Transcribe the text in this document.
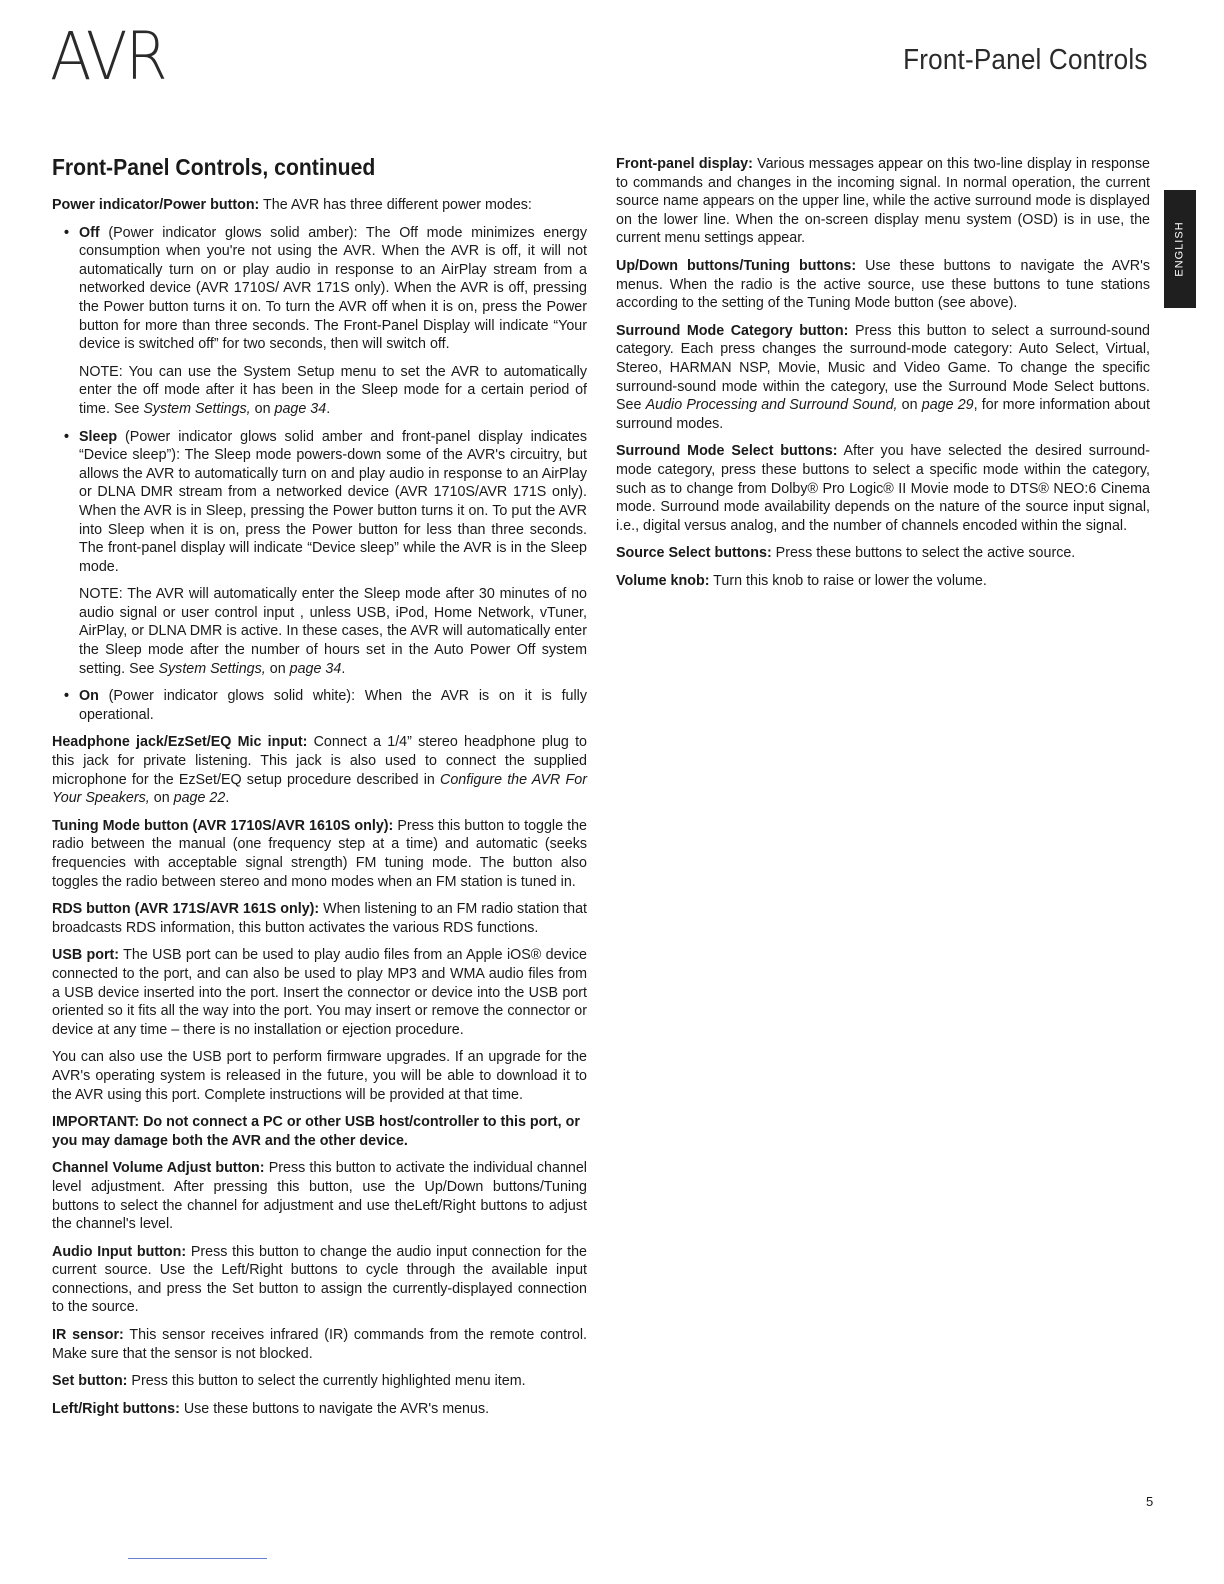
AVR	Front-Panel Controls
ENGLISH
Front-Panel Controls, continued

Power indicator/Power button: The AVR has three different power modes:

• Off (Power indicator glows solid amber): The Off mode minimizes energy consumption when you're not using the AVR. When the AVR is off, it will not automatically turn on or play audio in response to an AirPlay stream from a networked device (AVR 1710S/ AVR 171S only). When the AVR is off, pressing the Power button turns it on. To turn the AVR off when it is on, press the Power button for more than three seconds. The Front-Panel Display will indicate “Your device is switched off” for two seconds, then will switch off.

NOTE: You can use the System Setup menu to set the AVR to automatically enter the off mode after it has been in the Sleep mode for a certain period of time. See System Settings, on page 34.

• Sleep (Power indicator glows solid amber and front-panel display indicates “Device sleep”): The Sleep mode powers-down some of the AVR's circuitry, but allows the AVR to automatically turn on and play audio in response to an AirPlay or DLNA DMR stream from a networked device (AVR 1710S/AVR 171S only). When the AVR is in Sleep, pressing the Power button turns it on. To put the AVR into Sleep when it is on, press the Power button for less than three seconds. The front-panel display will indicate “Device sleep” while the AVR is in the Sleep mode.

NOTE: The AVR will automatically enter the Sleep mode after 30 minutes of no audio signal or user control input , unless USB, iPod, Home Network, vTuner, AirPlay, or DLNA DMR is active. In these cases, the AVR will automatically enter the Sleep mode after the number of hours set in the Auto Power Off system setting. See System Settings, on page 34.

• On (Power indicator glows solid white): When the AVR is on it is fully operational.

Headphone jack/EzSet/EQ Mic input: Connect a 1/4” stereo headphone plug to this jack for private listening. This jack is also used to connect the supplied microphone for the EzSet/EQ setup procedure described in Configure the AVR For Your Speakers, on page 22.

Tuning Mode button (AVR 1710S/AVR 1610S only): Press this button to toggle the radio between the manual (one frequency step at a time) and automatic (seeks frequencies with acceptable signal strength) FM tuning mode. The button also toggles the radio between stereo and mono modes when an FM station is tuned in.

RDS button (AVR 171S/AVR 161S only): When listening to an FM radio station that broadcasts RDS information, this button activates the various RDS functions.

USB port: The USB port can be used to play audio files from an Apple iOS® device connected to the port, and can also be used to play MP3 and WMA audio files from a USB device inserted into the port. Insert the connector or device into the USB port oriented so it fits all the way into the port. You may insert or remove the connector or device at any time – there is no installation or ejection procedure.

You can also use the USB port to perform firmware upgrades. If an upgrade for the AVR's operating system is released in the future, you will be able to download it to the AVR using this port. Complete instructions will be provided at that time.

IMPORTANT: Do not connect a PC or other USB host/controller to this port, or you may damage both the AVR and the other device.

Channel Volume Adjust button: Press this button to activate the individual channel level adjustment. After pressing this button, use the Up/Down buttons/Tuning buttons to select the channel for adjustment and use theLeft/Right buttons to adjust the channel's level.

Audio Input button: Press this button to change the audio input connection for the current source. Use the Left/Right buttons to cycle through the available input connections, and press the Set button to assign the currently-displayed connection to the source.

IR sensor: This sensor receives infrared (IR) commands from the remote control. Make sure that the sensor is not blocked.

Set button: Press this button to select the currently highlighted menu item.

Left/Right buttons: Use these buttons to navigate the AVR's menus.

Front-panel display: Various messages appear on this two-line display in response to commands and changes in the incoming signal. In normal operation, the current source name appears on the upper line, while the active surround mode is displayed on the lower line. When the on-screen display menu system (OSD) is in use, the current menu settings appear.

Up/Down buttons/Tuning buttons: Use these buttons to navigate the AVR's menus. When the radio is the active source, use these buttons to tune stations according to the setting of the Tuning Mode button (see above).

Surround Mode Category button: Press this button to select a surround-sound category. Each press changes the surround-mode category: Auto Select, Virtual, Stereo, HARMAN NSP, Movie, Music and Video Game. To change the specific surround-sound mode within the category, use the Surround Mode Select buttons. See Audio Processing and Surround Sound, on page 29, for more information about surround modes.

Surround Mode Select buttons: After you have selected the desired surround-mode category, press these buttons to select a specific mode within the category, such as to change from Dolby® Pro Logic® II Movie mode to DTS® NEO:6 Cinema mode. Surround mode availability depends on the nature of the source input signal, i.e., digital versus analog, and the number of channels encoded within the signal.

Source Select buttons: Press these buttons to select the active source.

Volume knob: Turn this knob to raise or lower the volume.

5
